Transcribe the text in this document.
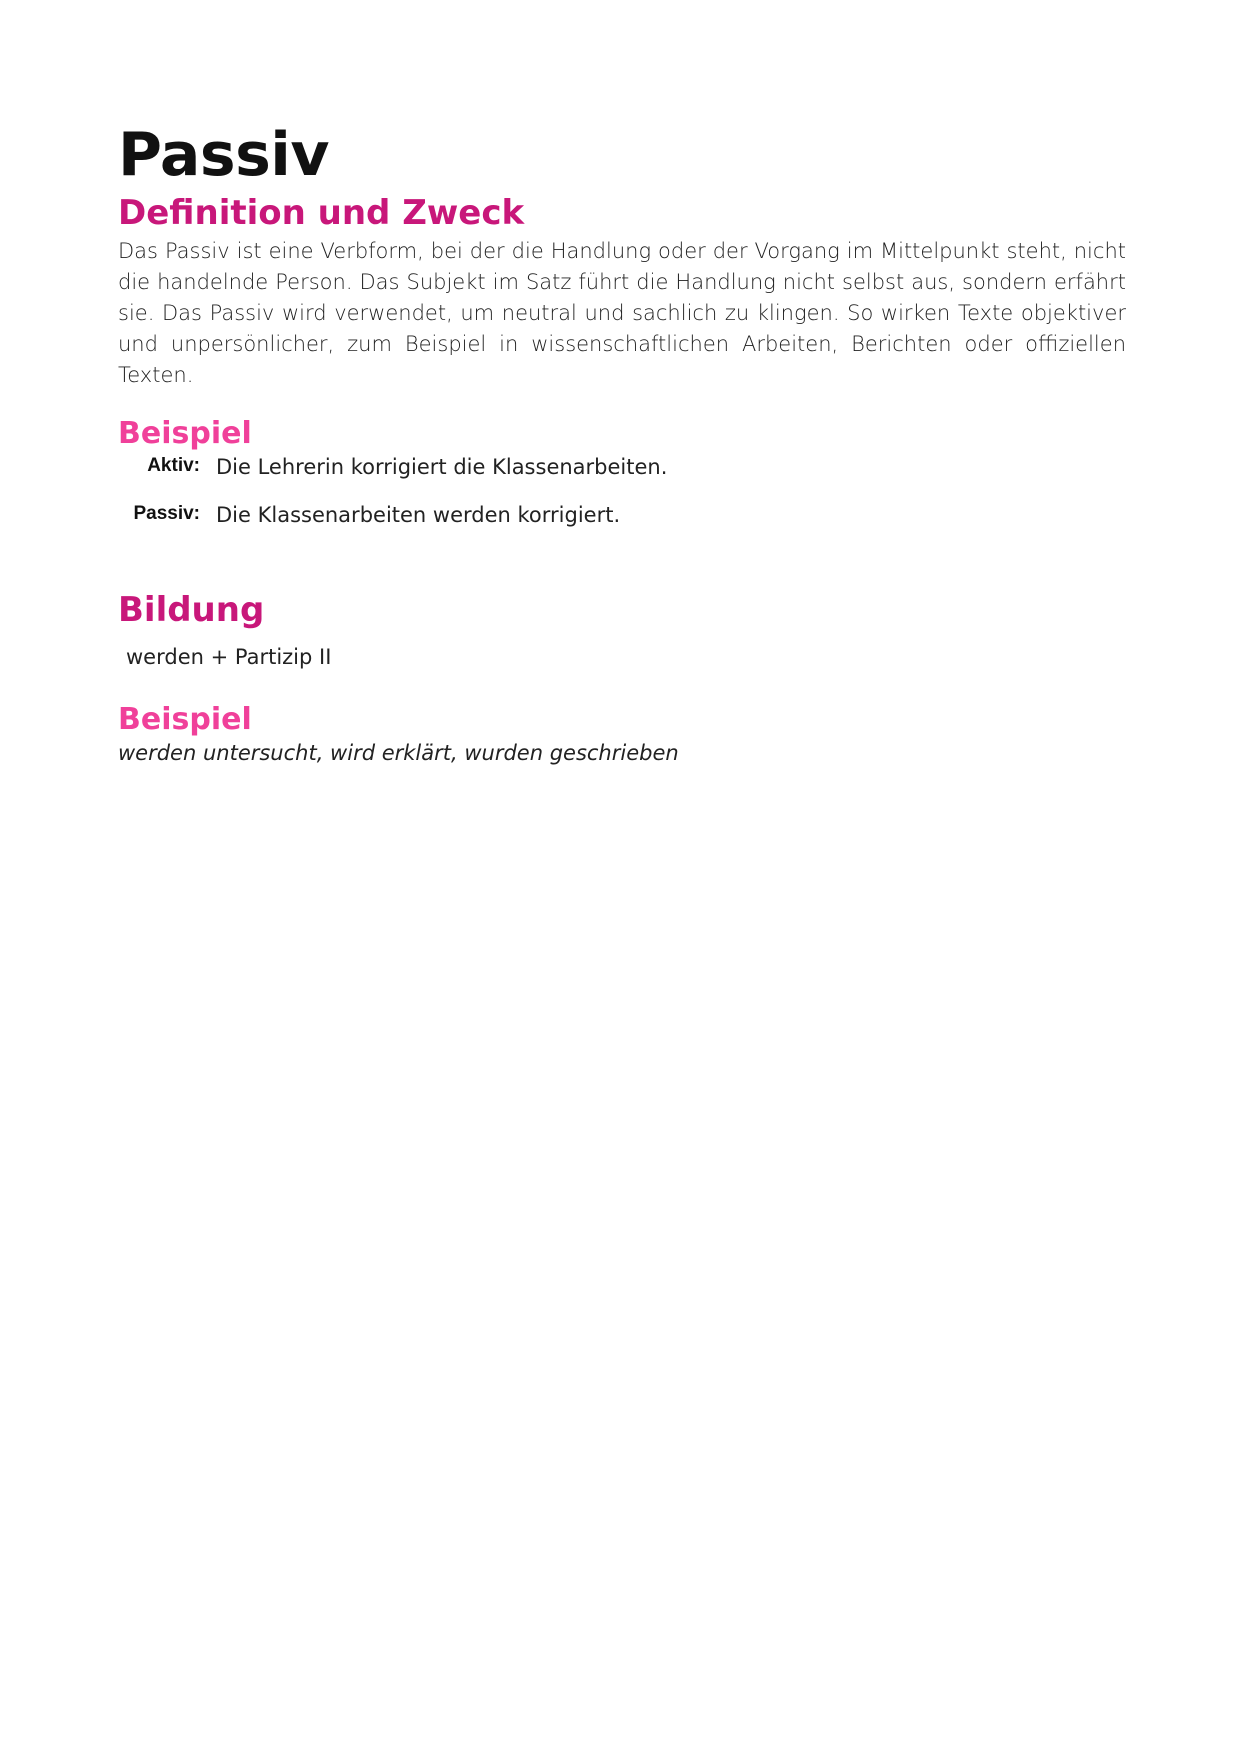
Passiv
Definition und Zweck

Das Passiv ist eine Verbform, bei der die Handlung oder der Vorgang im Mittelpunkt steht, nicht die handelnde Person. Das Subjekt im Satz führt die Handlung nicht selbst aus, sondern erfährt sie. Das Passiv wird verwendet, um neutral und sachlich zu klingen. So wirken Texte objektiver und unpersönlicher, zum Beispiel in wissenschaftlichen Arbeiten, Berichten oder offiziellen Texten.

Beispiel
Aktiv: Die Lehrerin korrigiert die Klassenarbeiten.
Passiv: Die Klassenarbeiten werden korrigiert.
Bildung

werden + Partizip II

Beispiel

werden untersucht, wird erklärt, wurden geschrieben
